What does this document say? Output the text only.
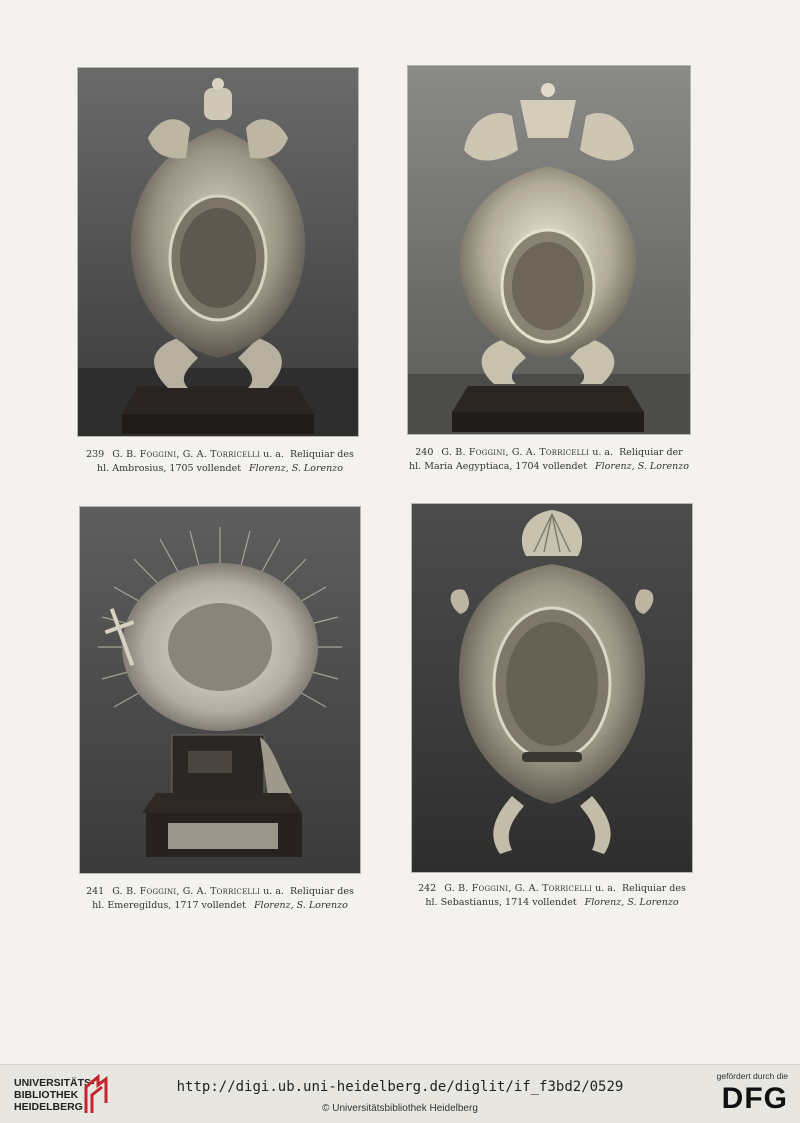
239 G. B. Foggini, G. A. Torricelli u. a. Reliquiar des
hl. Ambrosius, 1705 vollendet Florenz, S. Lorenzo
240 G. B. Foggini, G. A. Torricelli u. a. Reliquiar der
hl. Maria Aegyptiaca, 1704 vollendet Florenz, S. Lorenzo
241 G. B. Foggini, G. A. Torricelli u. a. Reliquiar des
hl. Emeregildus, 1717 vollendet Florenz, S. Lorenzo
242 G. B. Foggini, G. A. Torricelli u. a. Reliquiar des
hl. Sebastianus, 1714 vollendet Florenz, S. Lorenzo
UNIVERSITÄTS-
BIBLIOTHEK
HEIDELBERG
http://digi.ub.uni-heidelberg.de/diglit/if_f3bd2/0529
© Universitätsbibliothek Heidelberg
gefördert durch die
DFG
